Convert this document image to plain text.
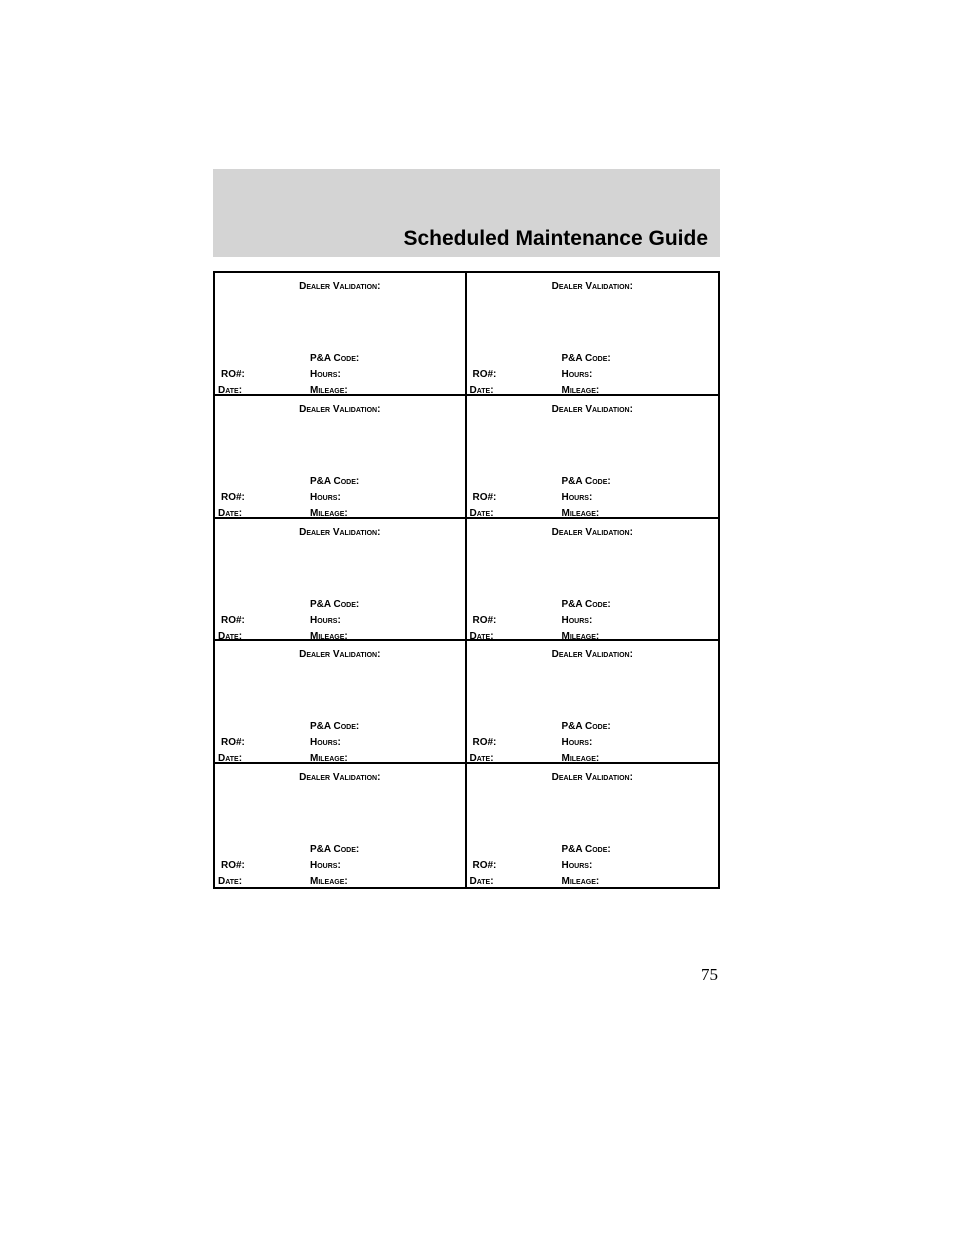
Scheduled Maintenance Guide
Dealer Validation:
P&A Code:
RO#:	Hours:
Date:	Mileage:
Dealer Validation:
P&A Code:
RO#:	Hours:
Date:	Mileage:
Dealer Validation:
P&A Code:
RO#:	Hours:
Date:	Mileage:
Dealer Validation:
P&A Code:
RO#:	Hours:
Date:	Mileage:
Dealer Validation:
P&A Code:
RO#:	Hours:
Date:	Mileage:
Dealer Validation:
P&A Code:
RO#:	Hours:
Date:	Mileage:
Dealer Validation:
P&A Code:
RO#:	Hours:
Date:	Mileage:
Dealer Validation:
P&A Code:
RO#:	Hours:
Date:	Mileage:
Dealer Validation:
P&A Code:
RO#:	Hours:
Date:	Mileage:
Dealer Validation:
P&A Code:
RO#:	Hours:
Date:	Mileage:
75
